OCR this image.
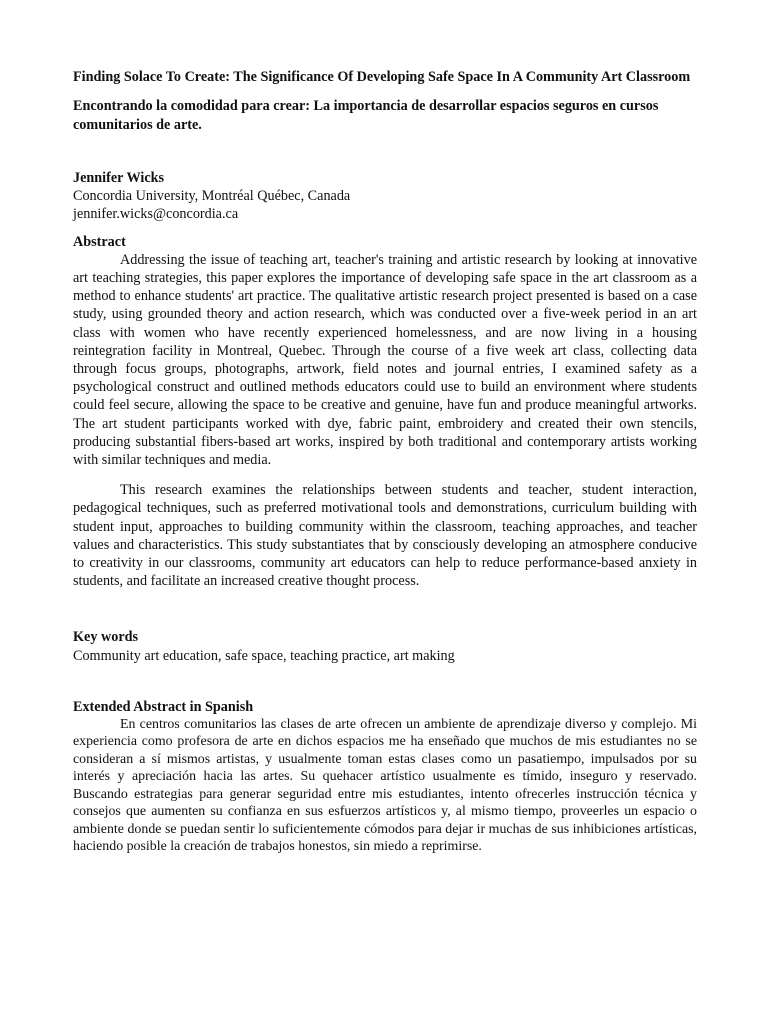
Finding Solace To Create: The Significance Of Developing Safe Space In A Community Art Classroom
Encontrando la comodidad para crear: La importancia de desarrollar espacios seguros en cursos comunitarios de arte.
Jennifer Wicks
Concordia University, Montréal Québec, Canada
jennifer.wicks@concordia.ca
Abstract

Addressing the issue of teaching art, teacher's training and artistic research by looking at innovative art teaching strategies, this paper explores the importance of developing safe space in the art classroom as a method to enhance students' art practice. The qualitative artistic research project presented is based on a case study, using grounded theory and action research, which was conducted over a five-week period in an art class with women who have recently experienced homelessness, and are now living in a housing reintegration facility in Montreal, Quebec. Through the course of a five week art class, collecting data through focus groups, photographs, artwork, field notes and journal entries, I examined safety as a psychological construct and outlined methods educators could use to build an environment where students could feel secure, allowing the space to be creative and genuine, have fun and produce meaningful artworks. The art student participants worked with dye, fabric paint, embroidery and created their own stencils, producing substantial fibers-based art works, inspired by both traditional and contemporary artists working with similar techniques and media.

This research examines the relationships between students and teacher, student interaction, pedagogical techniques, such as preferred motivational tools and demonstrations, curriculum building with student input, approaches to building community within the classroom, teaching approaches, and teacher values and characteristics. This study substantiates that by consciously developing an atmosphere conducive to creativity in our classrooms, community art educators can help to reduce performance-based anxiety in students, and facilitate an increased creative thought process.

Key words
Community art education, safe space, teaching practice, art making
Extended Abstract in Spanish

En centros comunitarios las clases de arte ofrecen un ambiente de aprendizaje diverso y complejo. Mi experiencia como profesora de arte en dichos espacios me ha enseñado que muchos de mis estudiantes no se consideran a sí mismos artistas, y usualmente toman estas clases como un pasatiempo, impulsados por su interés y apreciación hacia las artes. Su quehacer artístico usualmente es tímido, inseguro y reservado. Buscando estrategias para generar seguridad entre mis estudiantes, intento ofrecerles instrucción técnica y consejos que aumenten su confianza en sus esfuerzos artísticos y, al mismo tiempo, proveerles un espacio o ambiente donde se puedan sentir lo suficientemente cómodos para dejar ir muchas de sus inhibiciones artísticas, haciendo posible la creación de trabajos honestos, sin miedo a reprimirse.
